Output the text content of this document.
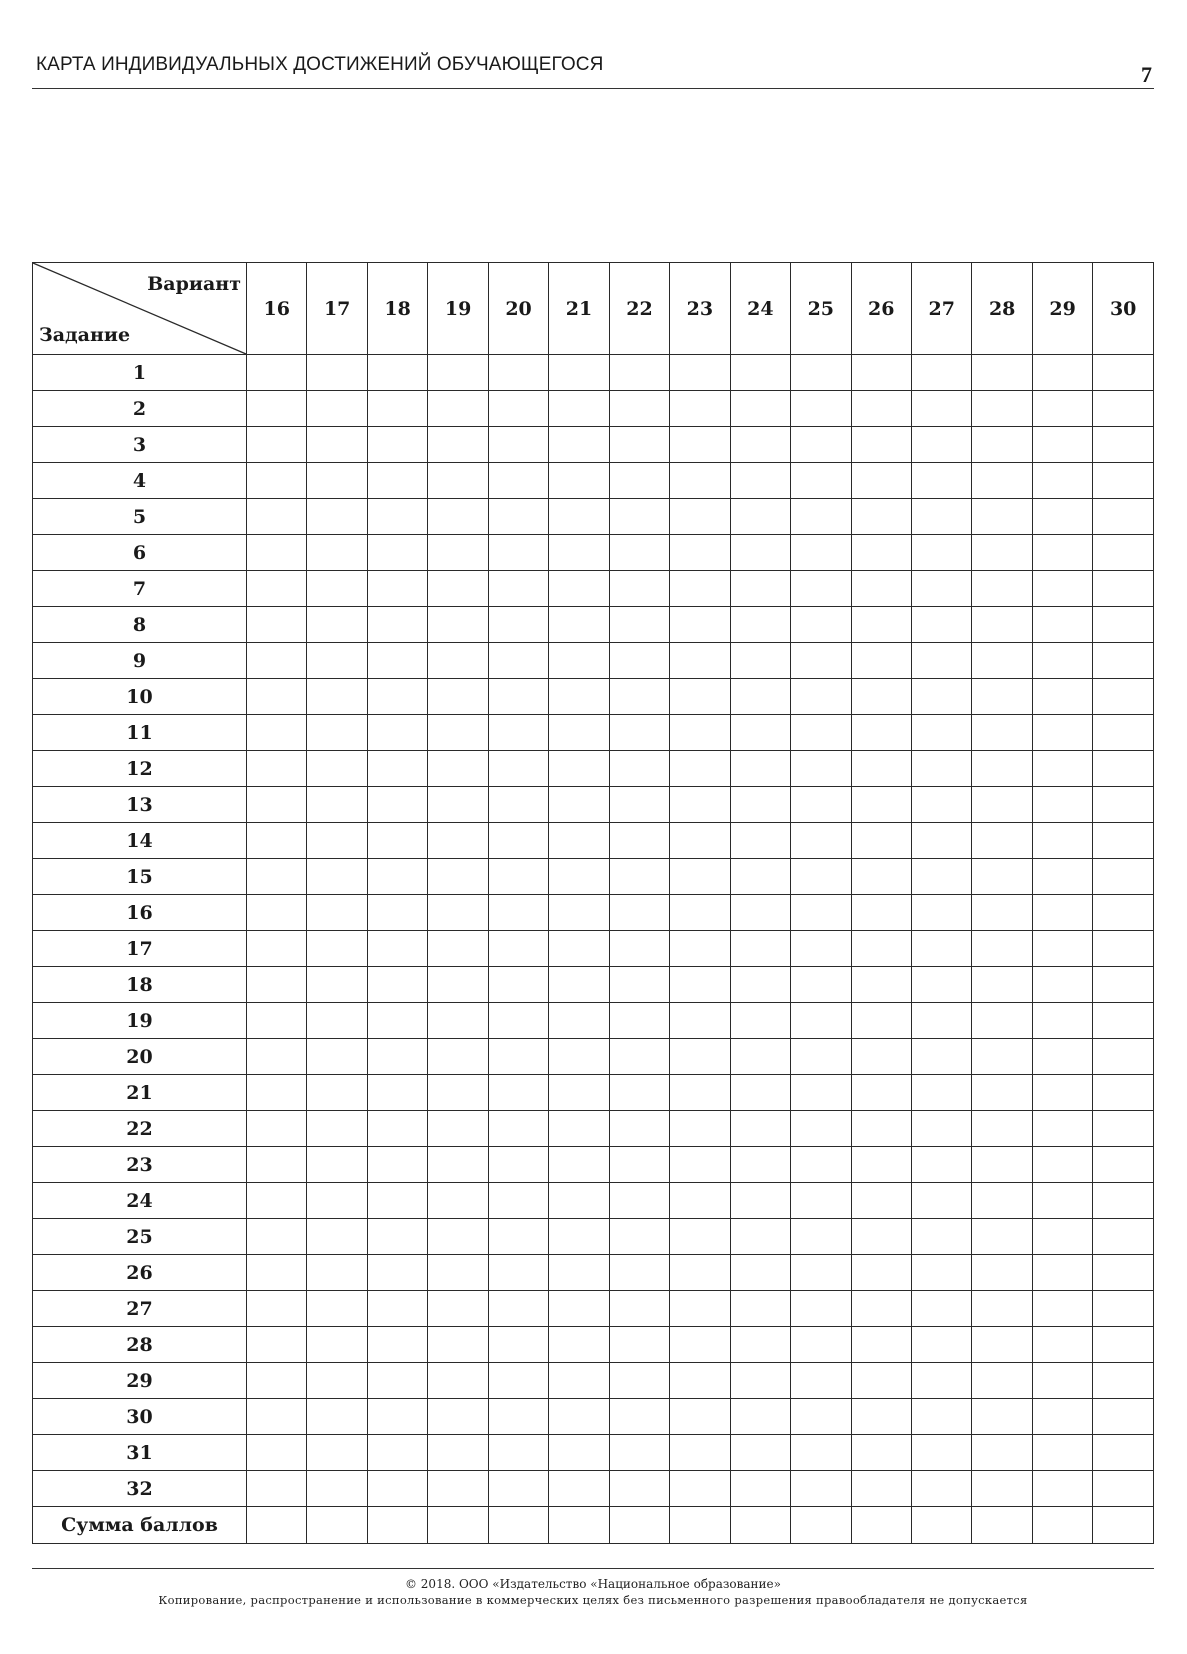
КАРТА ИНДИВИДУАЛЬНЫХ ДОСТИЖЕНИЙ ОБУЧАЮЩЕГОСЯ	7
Вариант
Задание	16	17	18	19	20	21	22	23	24	25	26	27	28	29	30
1															
2															
3															
4															
5															
6															
7															
8															
9															
10															
11															
12															
13															
14															
15															
16															
17															
18															
19															
20															
21															
22															
23															
24															
25															
26															
27															
28															
29															
30															
31															
32															
Сумма баллов															
© 2018. ООО «Издательство «Национальное образование»
Копирование, распространение и использование в коммерческих целях без письменного разрешения правообладателя не допускается
